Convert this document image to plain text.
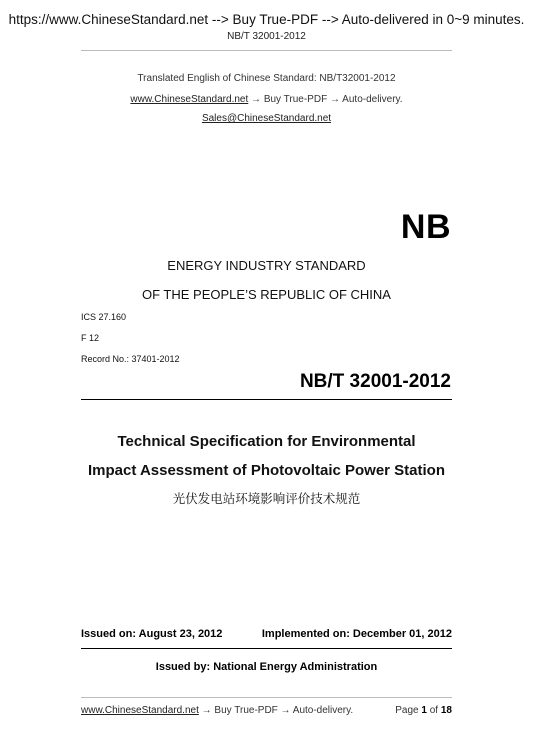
https://www.ChineseStandard.net --> Buy True-PDF --> Auto-delivered in 0~9 minutes.
NB/T 32001-2012
Translated English of Chinese Standard: NB/T32001-2012
www.ChineseStandard.net → Buy True-PDF → Auto-delivery.
Sales@ChineseStandard.net
NB
ENERGY INDUSTRY STANDARD
OF THE PEOPLE’S REPUBLIC OF CHINA
ICS 27.160
F 12
Record No.: 37401-2012
NB/T 32001-2012
Technical Specification for Environmental
Impact Assessment of Photovoltaic Power Station
光伏发电站环境影响评价技术规范
Issued on: August 23, 2012	Implemented on: December 01, 2012
Issued by: National Energy Administration
www.ChineseStandard.net → Buy True-PDF → Auto-delivery.	Page 1 of 18
